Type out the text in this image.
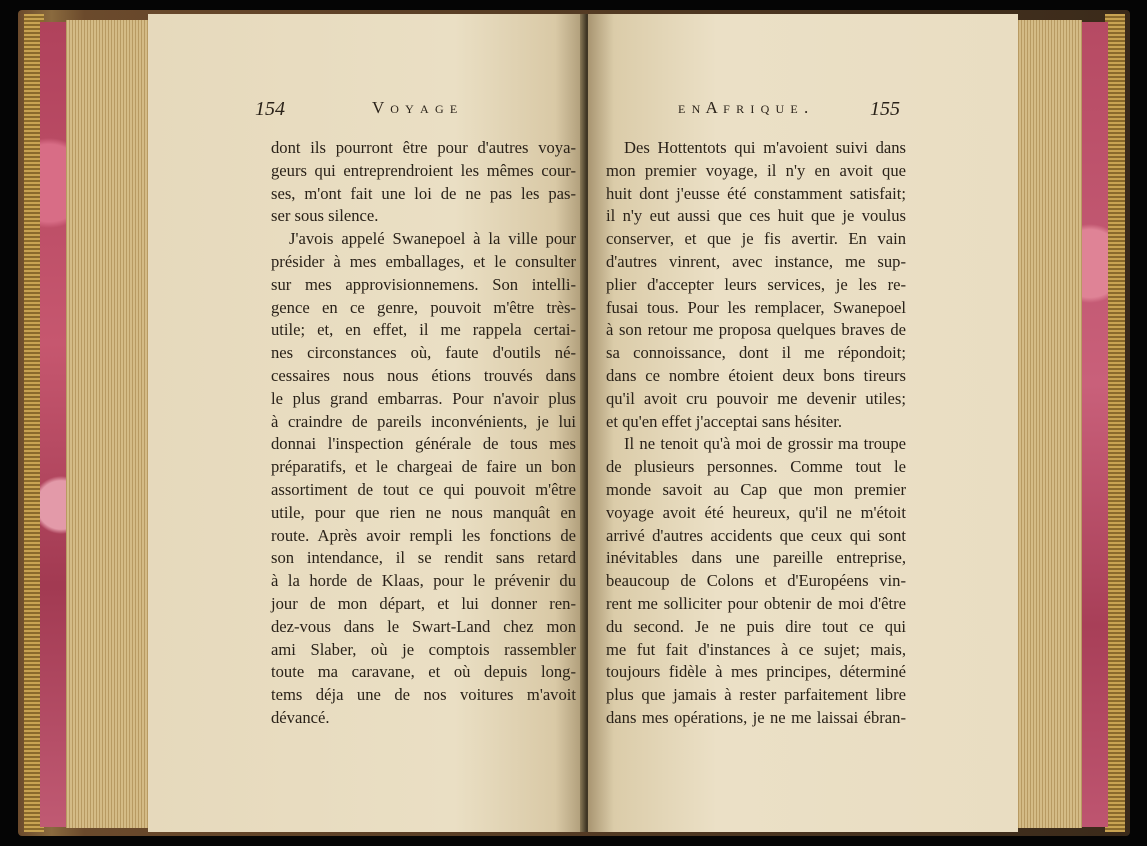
154	V o y a g e
dont ils pourront être pour d'autres voya-
geurs qui entreprendroient les mêmes cour-
ses, m'ont fait une loi de ne pas les pas-
ser sous silence.
J'avois appelé Swanepoel à la ville pour
présider à mes emballages, et le consulter
sur mes approvisionnemens. Son intelli-
gence en ce genre, pouvoit m'être très-
utile; et, en effet, il me rappela certai-
nes circonstances où, faute d'outils né-
cessaires nous nous étions trouvés dans
le plus grand embarras. Pour n'avoir plus
à craindre de pareils inconvénients, je lui
donnai l'inspection générale de tous mes
préparatifs, et le chargeai de faire un bon
assortiment de tout ce qui pouvoit m'être
utile, pour que rien ne nous manquât en
route. Après avoir rempli les fonctions de
son intendance, il se rendit sans retard
à la horde de Klaas, pour le prévenir du
jour de mon départ, et lui donner ren-
dez-vous dans le Swart-Land chez mon
ami Slaber, où je comptois rassembler
toute ma caravane, et où depuis long-
tems déja une de nos voitures m'avoit
dévancé.
e n A f r i q u e .	155
Des Hottentots qui m'avoient suivi dans
mon premier voyage, il n'y en avoit que
huit dont j'eusse été constamment satisfait;
il n'y eut aussi que ces huit que je voulus
conserver, et que je fis avertir. En vain
d'autres vinrent, avec instance, me sup-
plier d'accepter leurs services, je les re-
fusai tous. Pour les remplacer, Swanepoel
à son retour me proposa quelques braves de
sa connoissance, dont il me répondoit;
dans ce nombre étoient deux bons tireurs
qu'il avoit cru pouvoir me devenir utiles;
et qu'en effet j'acceptai sans hésiter.
Il ne tenoit qu'à moi de grossir ma troupe
de plusieurs personnes. Comme tout le
monde savoit au Cap que mon premier
voyage avoit été heureux, qu'il ne m'étoit
arrivé d'autres accidents que ceux qui sont
inévitables dans une pareille entreprise,
beaucoup de Colons et d'Européens vin-
rent me solliciter pour obtenir de moi d'être
du second. Je ne puis dire tout ce qui
me fut fait d'instances à ce sujet; mais,
toujours fidèle à mes principes, déterminé
plus que jamais à rester parfaitement libre
dans mes opérations, je ne me laissai ébran-
